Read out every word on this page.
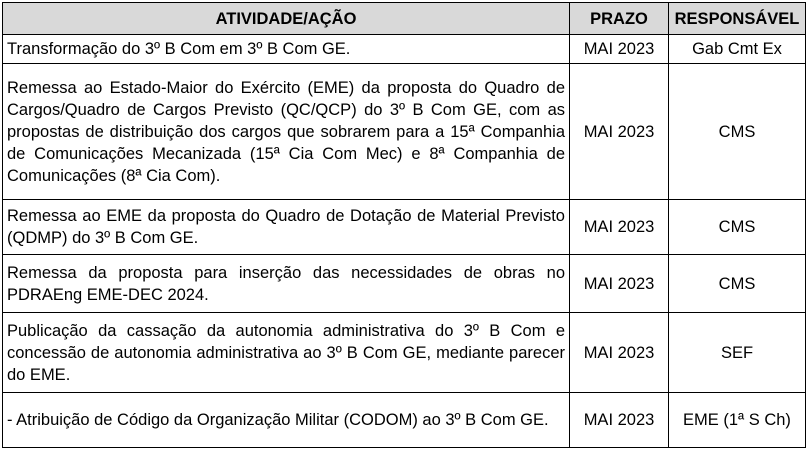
ATIVIDADE/AÇÃO	PRAZO	RESPONSÁVEL
Transformação do 3º B Com em 3º B Com GE.	MAI 2023	Gab Cmt Ex
Remessa ao Estado-Maior do Exército (EME) da proposta do Quadro de Cargos/Quadro de Cargos Previsto (QC/QCP) do 3º B Com GE, com as propostas de distribuição dos cargos que sobrarem para a 15ª Companhia de Comunicações Mecanizada (15ª Cia Com Mec) e 8ª Companhia de Comunicações (8ª Cia Com).	MAI 2023	CMS
Remessa ao EME da proposta do Quadro de Dotação de Material Previsto (QDMP) do 3º B Com GE.	MAI 2023	CMS
Remessa da proposta para inserção das necessidades de obras no PDRAEng EME-DEC 2024.	MAI 2023	CMS
Publicação da cassação da autonomia administrativa do 3º B Com e concessão de autonomia administrativa ao 3º B Com GE, mediante parecer do EME.	MAI 2023	SEF
- Atribuição de Código da Organização Militar (CODOM) ao 3º B Com GE.	MAI 2023	EME (1ª S Ch)
